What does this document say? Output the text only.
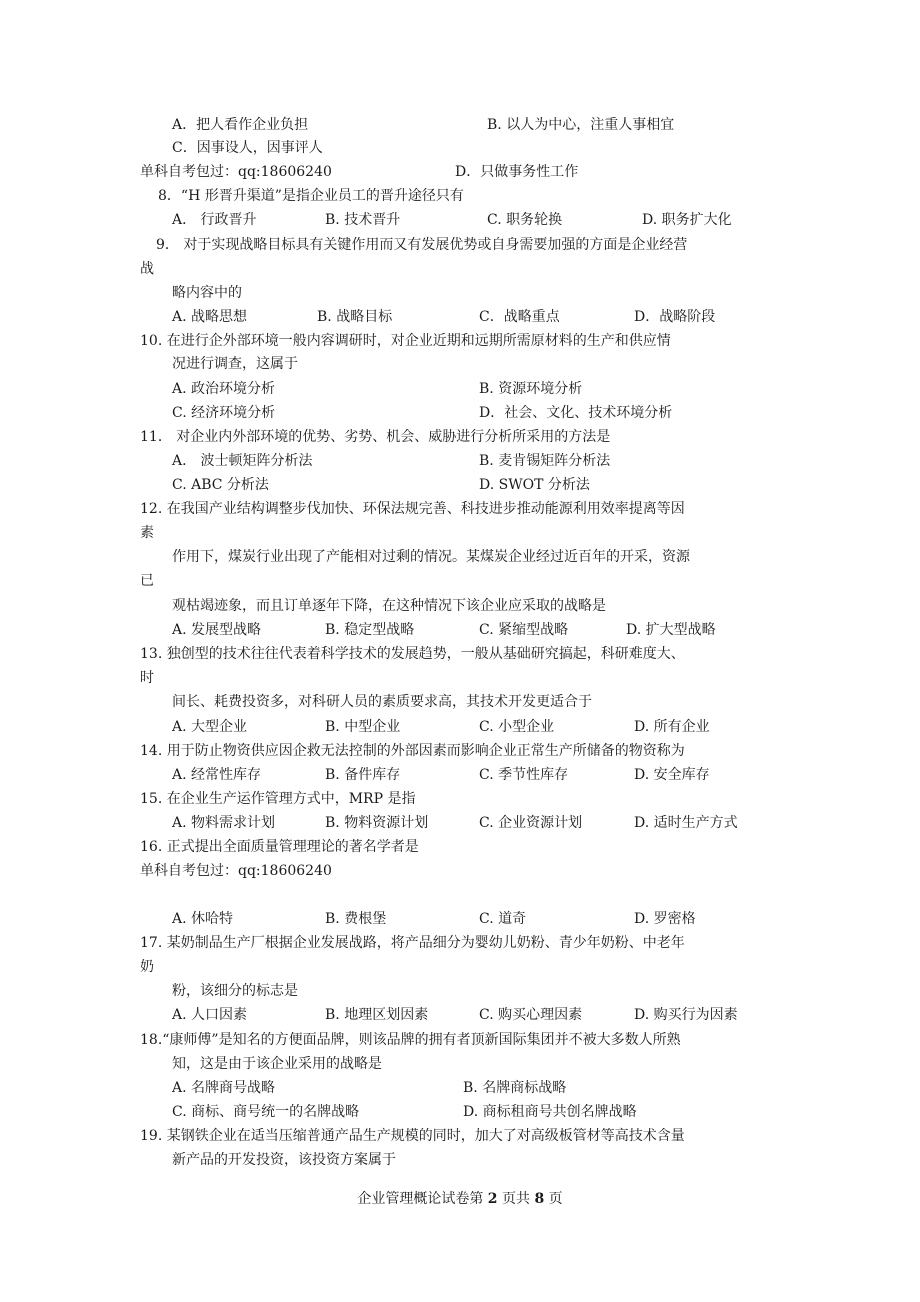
A．把人看作企业负担	B. 以人为中心，注重人事相宜
C．因事设人，因事评人
单科自考包过：qq:18606240	D．只做事务性工作
8．“H 形晋升渠道”是指企业员工的晋升途径只有
A． 行政晋升	B. 技术晋升	C. 职务轮换	D. 职务扩大化
9． 对于实现战略目标具有关键作用而又有发展优势或自身需要加强的方面是企业经营
战
略内容中的
A. 战略思想	B. 战略目标	C．战略重点	D．战略阶段
10. 在进行企外部环境一般内容调研时，对企业近期和远期所需原材料的生产和供应情
况进行调查，这属于
A. 政治环境分析	B. 资源环境分析
C. 经济环境分析	D．社会、文化、技术环境分析
11． 对企业内外部环境的优势、劣势、机会、威胁进行分析所采用的方法是
A． 波士顿矩阵分析法	B. 麦肯锡矩阵分析法
C. ABC 分析法	D. SWOT 分析法
12. 在我国产业结构调整步伐加快、环保法规完善、科技进步推动能源利用效率提离等因
素
作用下，煤炭行业出现了产能相对过剩的情况。某煤炭企业经过近百年的开采，资源
已
观枯竭迹象，而且订单逐年下降，在这种情况下该企业应采取的战略是
A. 发展型战略	B. 稳定型战略	C. 紧缩型战略	D. 扩大型战略
13. 独创型的技术往往代表着科学技术的发展趋势，一般从基础研究搞起，科研难度大、
时
间长、耗费投资多，对科研人员的素质要求高，其技术开发更适合于
A. 大型企业	B. 中型企业	C. 小型企业	D. 所有企业
14. 用于防止物资供应因企救无法控制的外部因素而影响企业正常生产所储备的物资称为
A. 经常性库存	B. 备件库存	C. 季节性库存	D. 安全库存
15. 在企业生产运作管理方式中，MRP 是指
A. 物料需求计划	B. 物料资源计划	C. 企业资源计划	D. 适时生产方式
16. 正式提出全面质量管理理论的著名学者是
单科自考包过：qq:18606240
A. 休哈特	B. 费根堡	C. 道奇	D. 罗密格
17. 某奶制品生产厂根据企业发展战路，将产品细分为婴幼儿奶粉、青少年奶粉、中老年
奶
粉，该细分的标志是
A. 人口因素	B. 地理区划因素	C. 购买心理因素	D. 购买行为因素
18.“康师傅”是知名的方便面品牌，则该品牌的拥有者顶新国际集团并不被大多数人所熟
知，这是由于该企业采用的战略是
A. 名牌商号战略	B. 名牌商标战略
C. 商标、商号统一的名牌战略	D. 商标租商号共创名牌战略
19. 某钢铁企业在适当压缩普通产品生产规模的同时，加大了对高级板管材等高技术含量
新产品的开发投资，该投资方案属于
企业管理概论试卷第 2 页共 8 页
